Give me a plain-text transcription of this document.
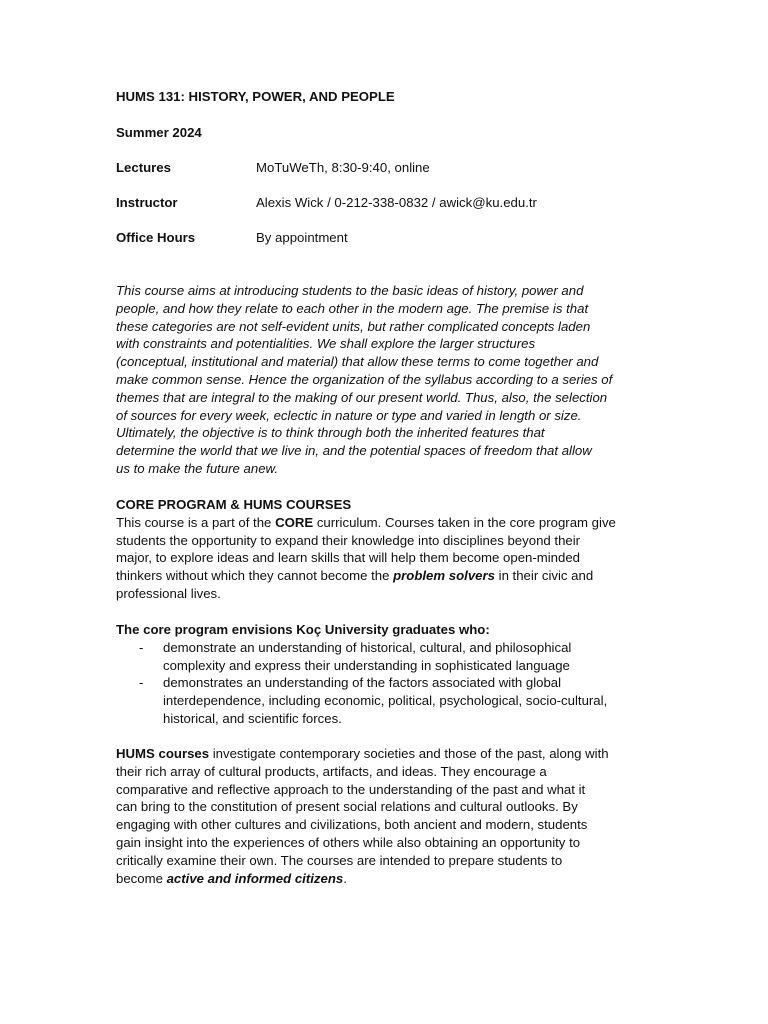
HUMS 131: HISTORY, POWER, AND PEOPLE
Summer 2024
Lectures	MoTuWeTh, 8:30-9:40, online
Instructor	Alexis Wick / 0-212-338-0832 / awick@ku.edu.tr
Office Hours	By appointment
This course aims at introducing students to the basic ideas of history, power and
people, and how they relate to each other in the modern age. The premise is that
these categories are not self-evident units, but rather complicated concepts laden
with constraints and potentialities. We shall explore the larger structures
(conceptual, institutional and material) that allow these terms to come together and
make common sense. Hence the organization of the syllabus according to a series of
themes that are integral to the making of our present world. Thus, also, the selection
of sources for every week, eclectic in nature or type and varied in length or size.
Ultimately, the objective is to think through both the inherited features that
determine the world that we live in, and the potential spaces of freedom that allow
us to make the future anew.
CORE PROGRAM & HUMS COURSES
This course is a part of the CORE curriculum. Courses taken in the core program give
students the opportunity to expand their knowledge into disciplines beyond their
major, to explore ideas and learn skills that will help them become open-minded
thinkers without which they cannot become the problem solvers in their civic and
professional lives.
The core program envisions Koç University graduates who:
- demonstrate an understanding of historical, cultural, and philosophical
complexity and express their understanding in sophisticated language
- demonstrates an understanding of the factors associated with global
interdependence, including economic, political, psychological, socio-cultural,
historical, and scientific forces.
HUMS courses investigate contemporary societies and those of the past, along with
their rich array of cultural products, artifacts, and ideas. They encourage a
comparative and reflective approach to the understanding of the past and what it
can bring to the constitution of present social relations and cultural outlooks. By
engaging with other cultures and civilizations, both ancient and modern, students
gain insight into the experiences of others while also obtaining an opportunity to
critically examine their own. The courses are intended to prepare students to
become active and informed citizens.
